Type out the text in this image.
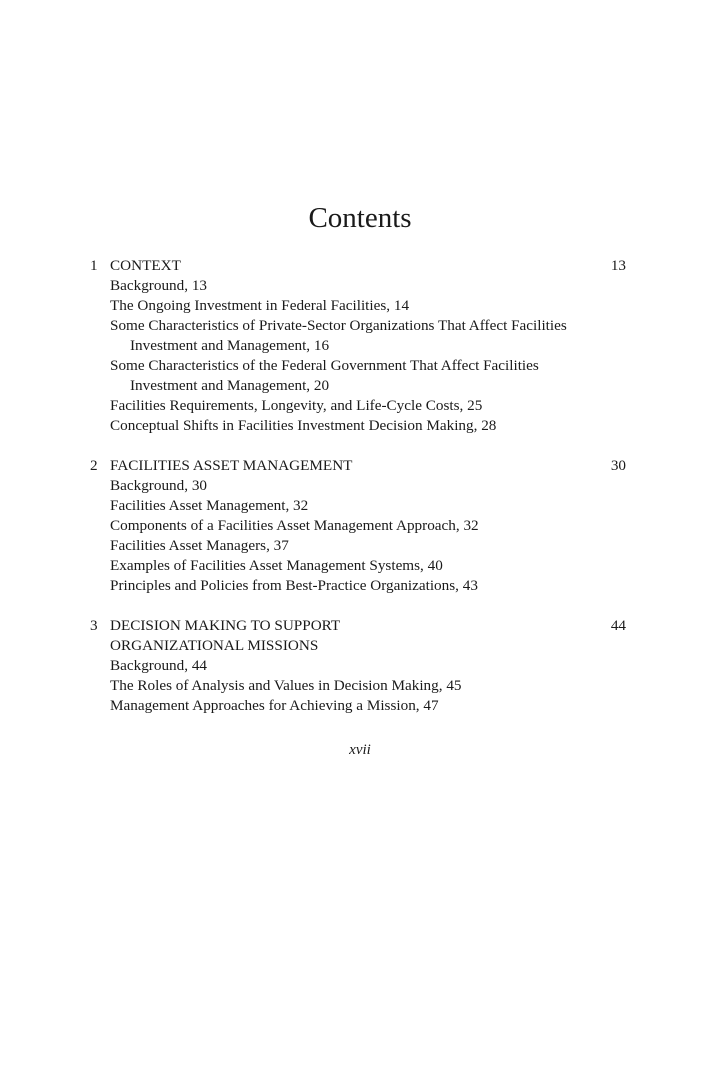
Contents
1 CONTEXT	13
Background, 13
The Ongoing Investment in Federal Facilities, 14
Some Characteristics of Private-Sector Organizations That Affect Facilities Investment and Management, 16
Some Characteristics of the Federal Government That Affect Facilities Investment and Management, 20
Facilities Requirements, Longevity, and Life-Cycle Costs, 25
Conceptual Shifts in Facilities Investment Decision Making, 28
2 FACILITIES ASSET MANAGEMENT	30
Background, 30
Facilities Asset Management, 32
Components of a Facilities Asset Management Approach, 32
Facilities Asset Managers, 37
Examples of Facilities Asset Management Systems, 40
Principles and Policies from Best-Practice Organizations, 43
3 DECISION MAKING TO SUPPORT
ORGANIZATIONAL MISSIONS
44
Background, 44
The Roles of Analysis and Values in Decision Making, 45
Management Approaches for Achieving a Mission, 47
xvii
